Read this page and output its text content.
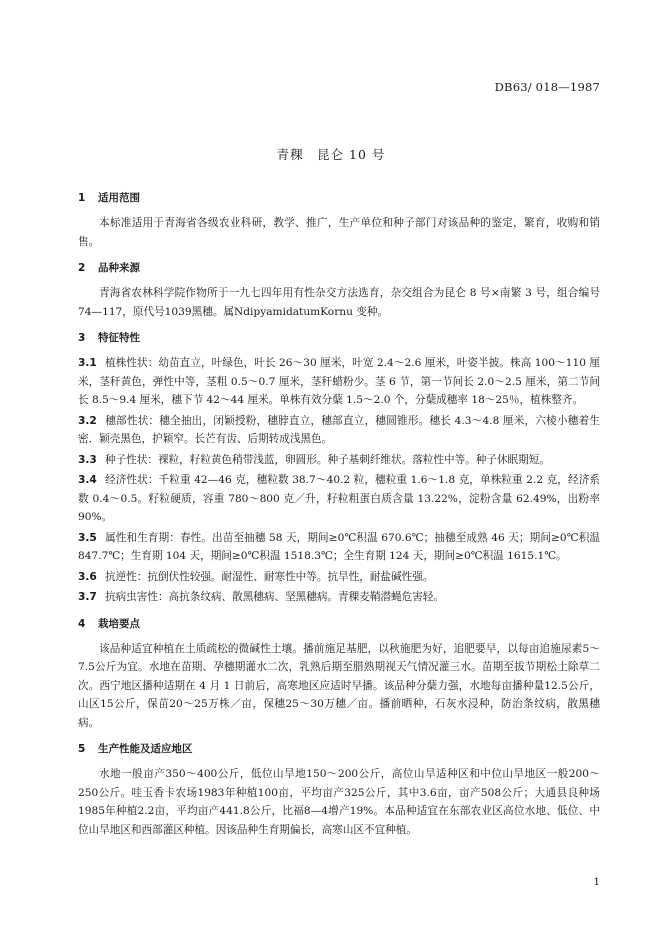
DB63/ 018—1987
青稞　昆仑 10 号
1 适用范围

本标准适用于青海省各级农业科研，教学、推广，生产单位和种子部门对该品种的鉴定，繁育，收购和销售。

2 品种来源

青海省农林科学院作物所于一九七四年用有性杂交方法选育，杂交组合为昆仑 8 号×南繁 3 号，组合编号74—117，原代号1039黑穗。属NdipyamidatumKornu 变种。

3 特征特性

3.1 植株性状：幼苗直立，叶绿色，叶长 26～30 厘米，叶宽 2.4～2.6 厘米，叶姿半披。株高 100～110 厘米，茎秆黄色，弹性中等，茎粗 0.5～0.7 厘米，茎秆蜡粉少。茎 6 节，第一节间长 2.0～2.5 厘米，第二节间长 8.5～9.4 厘米，穗下节 42～44 厘米。单株有效分蘖 1.5～2.0 个，分蘖成穗率 18～25％，植株整齐。

3.2 穗部性状：穗全抽出，闭颖授粉，穗脖直立，穗部直立，穗圆锥形。穗长 4.3～4.8 厘米，六棱小穗着生密．颖壳黑色，护颖窄。长芒有齿、后期转成浅黑色。

3.3 种子性状：裸粒，籽粒黄色稍带浅蓝，卵圆形。种子基刺纤维状。落粒性中等。种子休眠期短。

3.4 经济性状：千粒重 42—46 克，穗粒数 38.7～40.2 粒，穗粒重 1.6～1.8 克，单株粒重 2.2 克，经济系数 0.4～0.5。籽粒硬质，容重 780～800 克／升，籽粒粗蛋白质含量 13.22%，淀粉含量 62.49%，出粉率 90%。

3.5 属性和生育期：春性。出苗至抽穗 58 天，期间≥0℃积温 670.6℃；抽穗至成熟 46 天；期间≥0℃积温 847.7℃；生育期 104 天，期间≥0℃积温 1518.3℃；全生育期 124 天，期间≥0℃积温 1615.1℃。

3.6 抗逆性：抗倒伏性较强。耐湿性、耐寒性中等。抗旱性，耐盐碱性强。

3.7 抗病虫害性：高抗条纹病、散黑穗病、坚黑穗病。青稞麦鞘潜蝇危害轻。

4 栽培要点

该品种适宜种植在土质疏松的微碱性土壤。播前施足基肥，以秋施肥为好，追肥要早，以每亩追施尿素5～7.5公斤为宜。水地在苗期、孕穗期灌水二次，乳熟后期至腊熟期视天气情况灌三水。苗期至拔节期松土除草二次。西宁地区播种适期在 4 月 1 日前后，高寒地区应适时早播。该品种分蘖力强，水地每亩播种量12.5公斤，山区15公斤，保苗20～25万株／亩，保穗25～30万穗／亩。播前晒种，石灰水浸种，防治条纹病，散黑穗病。

5 生产性能及适应地区

水地一般亩产350～400公斤，低位山旱地150～200公斤，高位山旱适种区和中位山旱地区一般200～250公斤。哇玉香卡农场1983年种植100亩，平均亩产325公斤，其中3.6亩，亩产508公斤；大通县良种场1985年种植2.2亩，平均亩产441.8公斤，比福8—4增产19%。本品种适宜在东部农业区高位水地、低位、中位山旱地区和西部灌区种植。因该品种生育期偏长，高寒山区不宜种植。

1
